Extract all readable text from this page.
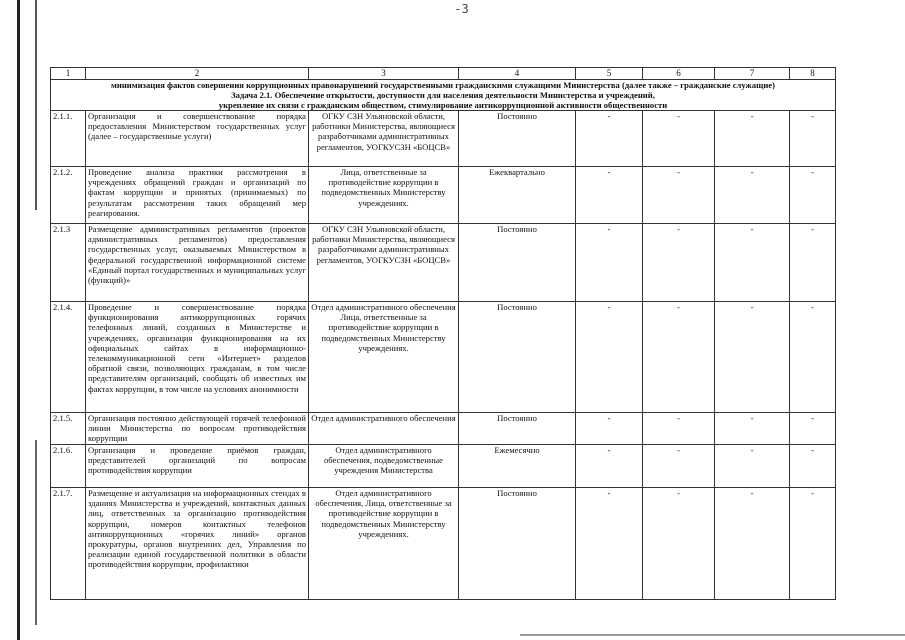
-3
1	2	3	4	5	6	7	8

минимизация фактов совершения коррупционных правонарушений государственными гражданскими служащими Министерства (далее также – гражданские служащие)
Задача 2.1. Обеспечение открытости, доступности для населения деятельности Министерства и учреждений,
укрепление их связи с гражданским обществом, стимулирование антикоррупционной активности общественности							

2.1.1.	Организация и совершенствование порядка предоставления Министерством государственных услуг (далее – государственные услуги)	ОГКУ СЗН Ульяновской области, работники Министерства, являющиеся разработчиками административных регламентов, УОГКУСЗН «БОЦСВ»	Постоянно	-	-	-	-
2.1.2.	Проведение анализа практики рассмотрения в учреждениях обращений граждан и организаций по фактам коррупции и принятых (принимаемых) по результатам рассмотрения таких обращений мер реагирования.	Лица, ответственные за противодействие коррупции в подведомственных Министерству учреждениях.	Ежеквартально	-	-	-	-
2.1.3	Размещение административных регламентов (проектов административных регламентов) предоставления государственных услуг, оказываемых Министерством в федеральной государственной информационной системе «Единый портал государственных и муниципальных услуг (функций)»	ОГКУ СЗН Ульяновской области, работники Министерства, являющиеся разработчиками административных регламентов, УОГКУСЗН «БОЦСВ»	Постоянно	-	-	-	-
2.1.4.	Проведение и совершенствование порядка функционирования антикоррупционных горячих телефонных линий, созданных в Министерстве и учреждениях, организация функционирования на их официальных сайтах в информационно-телекоммуникационной сети «Интернет» разделов обратной связи, позволяющих гражданам, в том числе представителям организаций, сообщать об известных им фактах коррупции, в том числе на условиях анонимности	Отдел административного обеспечения Лица, ответственные за противодействие коррупции в подведомственных Министерству учреждениях.	Постоянно	-	-	-	-
2.1.5.	Организация постоянно действующей горячей телефонной линии Министерства по вопросам противодействия коррупции	Отдел административного обеспечения	Постоянно	-	-	-	-
2.1.6.	Организация и проведение приёмов граждан, представителей организаций по вопросам противодействия коррупции	Отдел административного обеспечения, подведомственные учреждения Министерства	Ежемесячно	-	-	-	-
2.1.7.	Размещение и актуализация на информационных стендах в зданиях Министерства и учреждений, контактных данных лиц, ответственных за организацию противодействия коррупции, номеров контактных телефонов антикоррупционных «горячих линий» органов прокуратуры, органов внутренних дел, Управления по реализации единой государственной политики в области противодействия коррупции, профилактики	Отдел административного обеспечения, Лица, ответственные за противодействие коррупции в подведомственных Министерству учреждениях.	Постоянно	-	-	-	-
